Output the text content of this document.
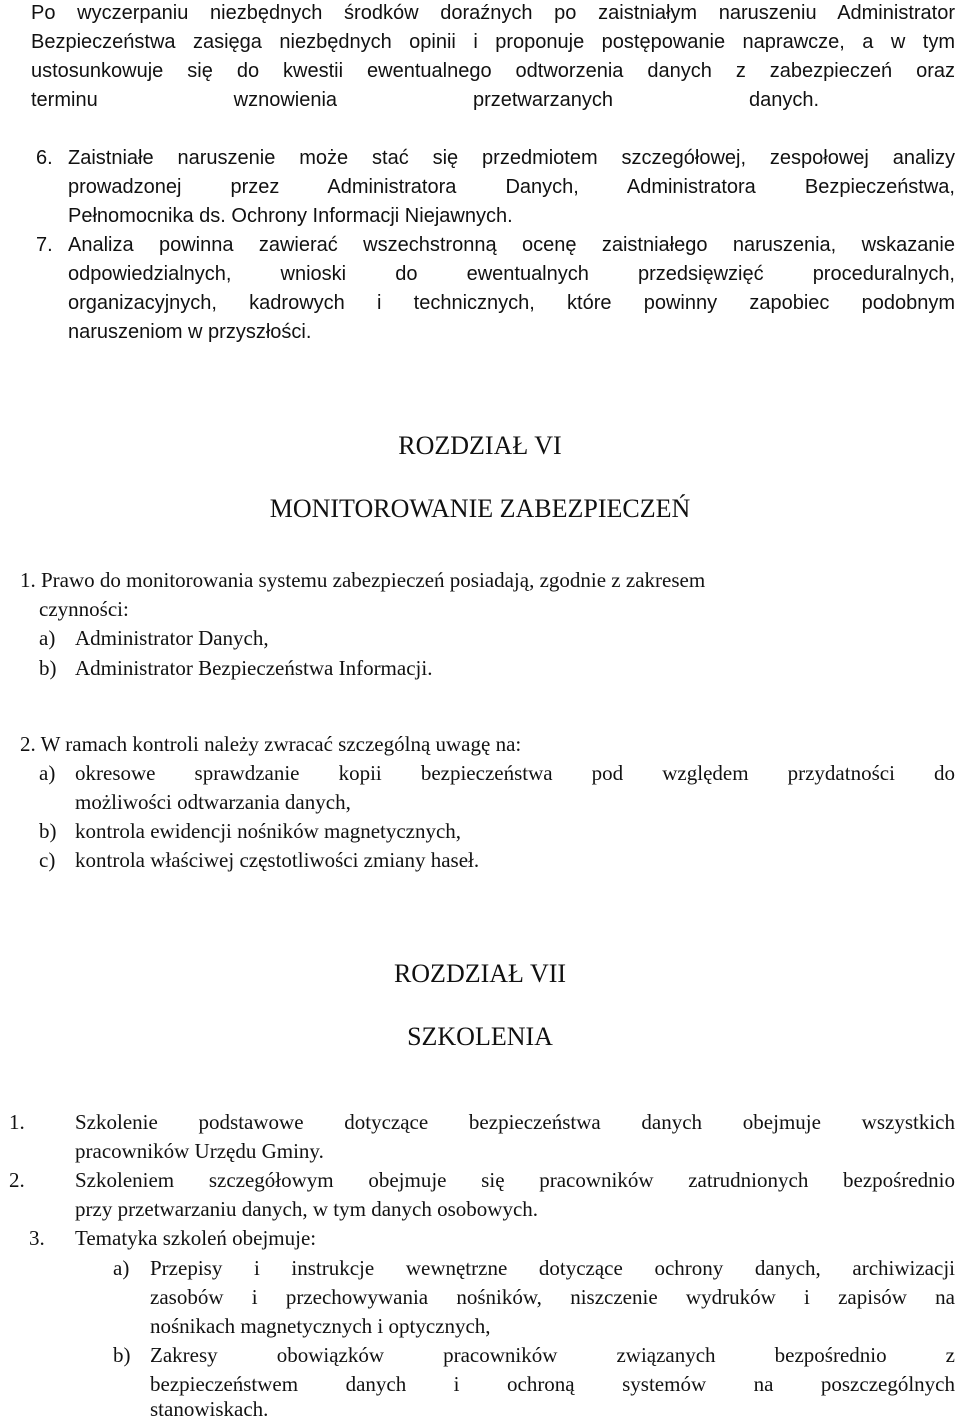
Po wyczerpaniu niezbędnych środków doraźnych po zaistniałym naruszeniu Administrator
Bezpieczeństwa zasięga niezbędnych opinii i proponuje postępowanie naprawcze, a w tym
ustosunkowuje się do kwestii ewentualnego odtworzenia danych z zabezpieczeń oraz
terminu wznowienia przetwarzanych danych.
6. Zaistniałe naruszenie może stać się przedmiotem szczegółowej, zespołowej analizy
prowadzonej przez Administratora Danych, Administratora Bezpieczeństwa,
Pełnomocnika ds. Ochrony Informacji Niejawnych.
7. Analiza powinna zawierać wszechstronną ocenę zaistniałego naruszenia, wskazanie
odpowiedzialnych, wnioski do ewentualnych przedsięwzięć proceduralnych,
organizacyjnych, kadrowych i technicznych, które powinny zapobiec podobnym
naruszeniom w przyszłości.
ROZDZIAŁ VI
MONITOROWANIE ZABEZPIECZEŃ
1. Prawo do monitorowania systemu zabezpieczeń posiadają, zgodnie z zakresem
czynności:
a) Administrator Danych,
b) Administrator Bezpieczeństwa Informacji.
2. W ramach kontroli należy zwracać szczególną uwagę na:
a) okresowe sprawdzanie kopii bezpieczeństwa pod względem przydatności do
możliwości odtwarzania danych,
b) kontrola ewidencji nośników magnetycznych,
c) kontrola właściwej częstotliwości zmiany haseł.
ROZDZIAŁ VII
SZKOLENIA
1. Szkolenie podstawowe dotyczące bezpieczeństwa danych obejmuje wszystkich
pracowników Urzędu Gminy.
2. Szkoleniem szczegółowym obejmuje się pracowników zatrudnionych bezpośrednio
przy przetwarzaniu danych, w tym danych osobowych.
3. Tematyka szkoleń obejmuje:
a) Przepisy i instrukcje wewnętrzne dotyczące ochrony danych, archiwizacji
zasobów i przechowywania nośników, niszczenie wydruków i zapisów na
nośnikach magnetycznych i optycznych,
b) Zakresy obowiązków pracowników związanych bezpośrednio z
bezpieczeństwem danych i ochroną systemów na poszczególnych
stanowiskach.
